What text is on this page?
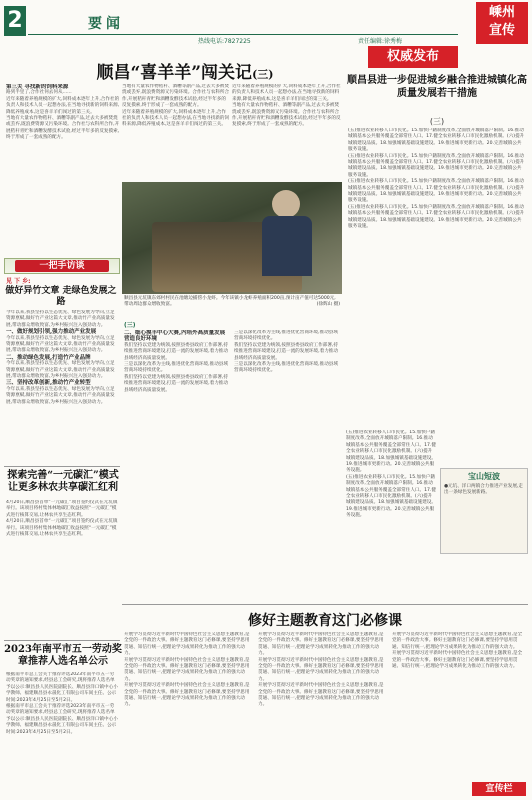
2	要闻
热线电话:7827225	责任编辑:徐秀梅
嵊州
宣传
顺昌“喜羊羊”闯关记(三)
第三关 寻找新的饲料来源
路到半里了,合作社何去何从……
近年来随着养殖规模的扩大,饲料成本逐年上升,合作社的负责人和技术人员一起想办法,在当地寻找新的饲料来源,降低养殖成本,这是喜羊羊们闯过的第三关。
当地有大量农作物秸秆、酒糟等副产品,过去大多被焚烧或丢弃,既浪费资源又污染环境。合作社与农科所合作,开展秸秆青贮和酒糟发酵技术试验,经过半年多的反复摸索,终于形成了一套成熟的配方。
当地有大量农作物秸秆、酒糟等副产品,过去大多被焚烧或丢弃,既浪费资源又污染环境。合作社与农科所合作,开展秸秆青贮和酒糟发酵技术试验,经过半年多的反复摸索,终于形成了一套成熟的配方。
近年来随着养殖规模的扩大,饲料成本逐年上升,合作社的负责人和技术人员一起想办法,在当地寻找新的饲料来源,降低养殖成本,这是喜羊羊们闯过的第三关。
近年来随着养殖规模的扩大,饲料成本逐年上升,合作社的负责人和技术人员一起想办法,在当地寻找新的饲料来源,降低养殖成本,这是喜羊羊们闯过的第三关。
当地有大量农作物秸秆、酒糟等副产品,过去大多被焚烧或丢弃,既浪费资源又污染环境。合作社与农科所合作,开展秸秆青贮和酒糟发酵技术试验,经过半年多的反复摸索,终于形成了一套成熟的配方。
顺昌县元坑镇东郊村村民在池塘边捕捞小龙虾。今年该镇小龙虾养殖面积200亩,预计亩产值可达5000元,带动周边群众增收致富。	(徐辉山 摄)
一把手访谈
见 下 乡:
做好异竹文章 走绿色发展之路
今年以来,我县坚持以生态优先、绿色发展为导向,立足资源禀赋,做好竹产业这篇大文章,推动竹产业高质量发展,带动群众增收致富,为乡村振兴注入强劲动力。
一、做好规划引领,强力推动产业发展
今年以来,我县坚持以生态优先、绿色发展为导向,立足资源禀赋,做好竹产业这篇大文章,推动竹产业高质量发展,带动群众增收致富,为乡村振兴注入强劲动力。
二、推动绿色发展,打造竹产业品牌
今年以来,我县坚持以生态优先、绿色发展为导向,立足资源禀赋,做好竹产业这篇大文章,推动竹产业高质量发展,带动群众增收致富,为乡村振兴注入强劲动力。
三、坚持改革创新,推动竹产业转型
今年以来,我县坚持以生态优先、绿色发展为导向,立足资源禀赋,做好竹产业这篇大文章,推动竹产业高质量发展,带动群众增收致富,为乡村振兴注入强劲动力。
探索完善“一元碳汇”模式 让更多林农共享碳汇红利
4月20日,顺昌县首单“一元碳汇”项目签约仪式在元坑镇举行。该项目将村集体林地碳汇收益按照“一元碳汇”模式进行核算交易,让林农共享生态红利。
4月20日,顺昌县首单“一元碳汇”项目签约仪式在元坑镇举行。该项目将村集体林地碳汇收益按照“一元碳汇”模式进行核算交易,让林农共享生态红利。
2023年南平市五一劳动奖章推荐人选名单公示
根据南平市总工会关于推荐评选2023年南平市五一劳动奖章的通知要求,经县总工会研究,现将推荐人选名单予以公示:顺昌县人民医院副院长、顺昌县洋口镇中心小学教师、福建顺昌县永晟化工有限公司车间主任。公示时间:2023年4月25日至5月2日。
根据南平市总工会关于推荐评选2023年南平市五一劳动奖章的通知要求,经县总工会研究,现将推荐人选名单予以公示:顺昌县人民医院副院长、顺昌县洋口镇中心小学教师、福建顺昌县永晟化工有限公司车间主任。公示时间:2023年4月25日至5月2日。
(三)
二、细心摸丰中心大赛,内培外高质量发展营造良好环境
我们坚持以党建为统领,按照县委县政府工作部署,持续推进营商环境建设,打造一流的发展环境,着力推动县域经济高质量发展。
三是以深化改革为主线,推进优化营商环境,推动县域营商环境持续优化。
我们坚持以党建为统领,按照县委县政府工作部署,持续推进营商环境建设,打造一流的发展环境,着力推动县域经济高质量发展。
三是以深化改革为主线,推进优化营商环境,推动县域营商环境持续优化。
我们坚持以党建为统领,按照县委县政府工作部署,持续推进营商环境建设,打造一流的发展环境,着力推动县域经济高质量发展。
三是以深化改革为主线,推进优化营商环境,推动县域营商环境持续优化。
权威发布
顺昌县进一步促进城乡融合推进城镇化高质量发展若干措施
(三)
(五)推进农业转移人口市民化。15.加快户籍制度改革,全面放开城镇落户限制。16.推动城镇基本公共服务覆盖全部常住人口。17.健全农业转移人口市民化激励机制。(六)提升城镇建设品质。18.加强城镇基础设施建设。19.推进城市更新行动。20.完善城镇公共服务设施。
(五)推进农业转移人口市民化。15.加快户籍制度改革,全面放开城镇落户限制。16.推动城镇基本公共服务覆盖全部常住人口。17.健全农业转移人口市民化激励机制。(六)提升城镇建设品质。18.加强城镇基础设施建设。19.推进城市更新行动。20.完善城镇公共服务设施。
(五)推进农业转移人口市民化。15.加快户籍制度改革,全面放开城镇落户限制。16.推动城镇基本公共服务覆盖全部常住人口。17.健全农业转移人口市民化激励机制。(六)提升城镇建设品质。18.加强城镇基础设施建设。19.推进城市更新行动。20.完善城镇公共服务设施。
(五)推进农业转移人口市民化。15.加快户籍制度改革,全面放开城镇落户限制。16.推动城镇基本公共服务覆盖全部常住人口。17.健全农业转移人口市民化激励机制。(六)提升城镇建设品质。18.加强城镇基础设施建设。19.推进城市更新行动。20.完善城镇公共服务设施。
(五)推进农业转移人口市民化。15.加快户籍制度改革,全面放开城镇落户限制。16.推动城镇基本公共服务覆盖全部常住人口。17.健全农业转移人口市民化激励机制。(六)提升城镇建设品质。18.加强城镇基础设施建设。19.推进城市更新行动。20.完善城镇公共服务设施。
(五)推进农业转移人口市民化。15.加快户籍制度改革,全面放开城镇落户限制。16.推动城镇基本公共服务覆盖全部常住人口。17.健全农业转移人口市民化激励机制。(六)提升城镇建设品质。18.加强城镇基础设施建设。19.推进城市更新行动。20.完善城镇公共服务设施。
宝山短波
●元坑、洋口两镇合力推进产业发展,走出一条绿色发展新路。
修好主题教育这门必修课
开展学习贯彻习近平新时代中国特色社会主义思想主题教育,是全党的一件政治大事。修好主题教育这门必修课,要坚持学思用贯通、知信行统一,把理论学习成果转化为推动工作的强大动力。
开展学习贯彻习近平新时代中国特色社会主义思想主题教育,是全党的一件政治大事。修好主题教育这门必修课,要坚持学思用贯通、知信行统一,把理论学习成果转化为推动工作的强大动力。
开展学习贯彻习近平新时代中国特色社会主义思想主题教育,是全党的一件政治大事。修好主题教育这门必修课,要坚持学思用贯通、知信行统一,把理论学习成果转化为推动工作的强大动力。
开展学习贯彻习近平新时代中国特色社会主义思想主题教育,是全党的一件政治大事。修好主题教育这门必修课,要坚持学思用贯通、知信行统一,把理论学习成果转化为推动工作的强大动力。
开展学习贯彻习近平新时代中国特色社会主义思想主题教育,是全党的一件政治大事。修好主题教育这门必修课,要坚持学思用贯通、知信行统一,把理论学习成果转化为推动工作的强大动力。
开展学习贯彻习近平新时代中国特色社会主义思想主题教育,是全党的一件政治大事。修好主题教育这门必修课,要坚持学思用贯通、知信行统一,把理论学习成果转化为推动工作的强大动力。
开展学习贯彻习近平新时代中国特色社会主义思想主题教育,是全党的一件政治大事。修好主题教育这门必修课,要坚持学思用贯通、知信行统一,把理论学习成果转化为推动工作的强大动力。
开展学习贯彻习近平新时代中国特色社会主义思想主题教育,是全党的一件政治大事。修好主题教育这门必修课,要坚持学思用贯通、知信行统一,把理论学习成果转化为推动工作的强大动力。
宣传栏
